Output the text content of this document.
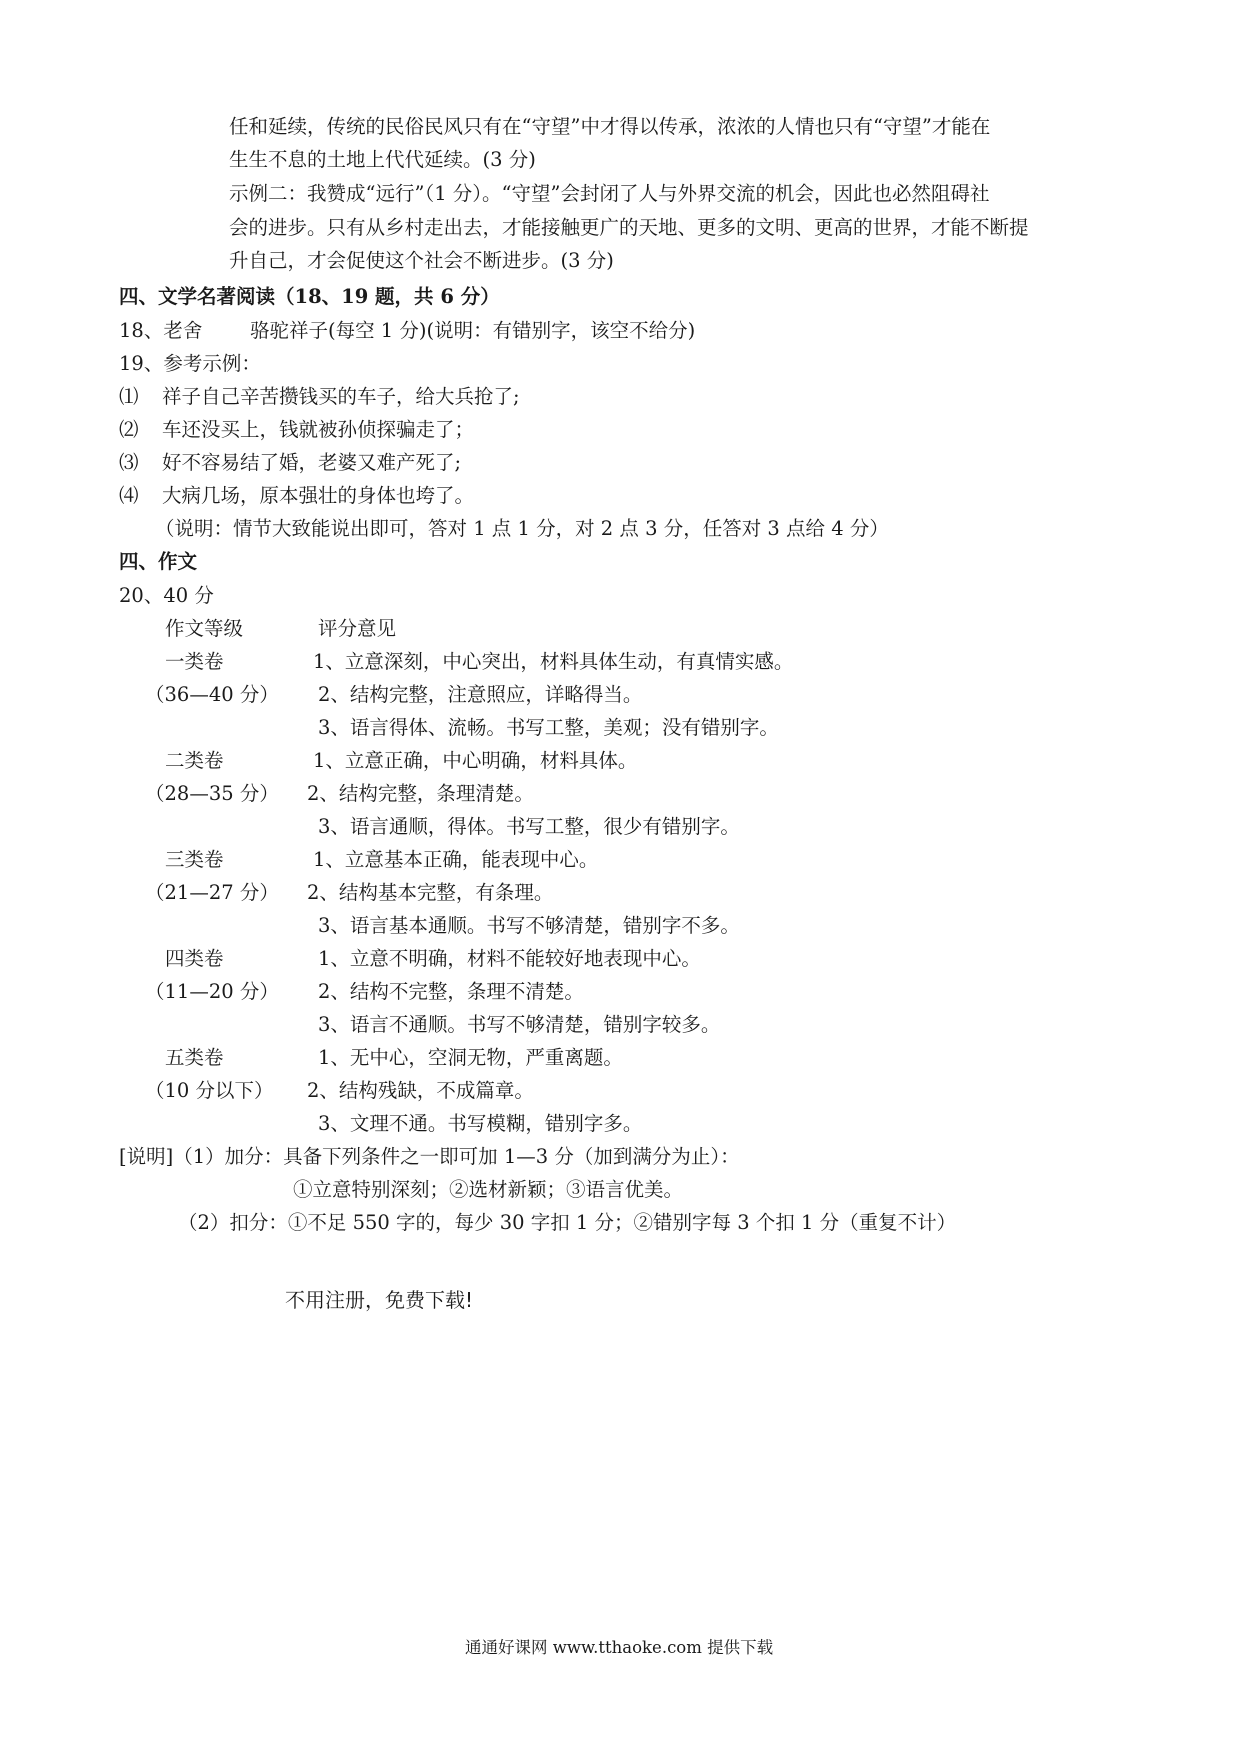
任和延续，传统的民俗民风只有在“守望”中才得以传承，浓浓的人情也只有“守望”才能在
生生不息的土地上代代延续。(3 分)
示例二：我赞成“远行”（1 分）。“守望”会封闭了人与外界交流的机会，因此也必然阻碍社
会的进步。只有从乡村走出去，才能接触更广的天地、更多的文明、更高的世界，才能不断提
升自己，才会促使这个社会不断进步。(3 分)
四、文学名著阅读（18、19 题，共 6 分）
18、老舍 骆驼祥子(每空 1 分)(说明：有错别字，该空不给分)
19、参考示例：
⑴ 祥子自己辛苦攒钱买的车子，给大兵抢了;
⑵ 车还没买上，钱就被孙侦探骗走了；
⑶ 好不容易结了婚，老婆又难产死了;
⑷ 大病几场，原本强壮的身体也垮了。
（说明：情节大致能说出即可，答对 1 点 1 分，对 2 点 3 分，任答对 3 点给 4 分）
四、作文
20、40 分
作文等级	评分意见
一类卷	1、立意深刻，中心突出，材料具体生动，有真情实感。
（36—40 分） 2、结构完整，注意照应，详略得当。
3、语言得体、流畅。书写工整，美观；没有错别字。
二类卷	1、立意正确，中心明确，材料具体。
（28—35 分） 2、结构完整，条理清楚。
3、语言通顺，得体。书写工整，很少有错别字。
三类卷	1、立意基本正确，能表现中心。
（21—27 分） 2、结构基本完整，有条理。
3、语言基本通顺。书写不够清楚，错别字不多。
四类卷	1、立意不明确，材料不能较好地表现中心。
（11—20 分） 2、结构不完整，条理不清楚。
3、语言不通顺。书写不够清楚，错别字较多。
五类卷	1、无中心，空洞无物，严重离题。
（10 分以下） 2、结构残缺，不成篇章。
3、文理不通。书写模糊，错别字多。
[说明]（1）加分：具备下列条件之一即可加 1—3 分（加到满分为止）：
①立意特别深刻；②选材新颖；③语言优美。
（2）扣分：①不足 550 字的，每少 30 字扣 1 分；②错别字每 3 个扣 1 分（重复不计）
不用注册，免费下载!
通通好课网 www.tthaoke.com 提供下载
